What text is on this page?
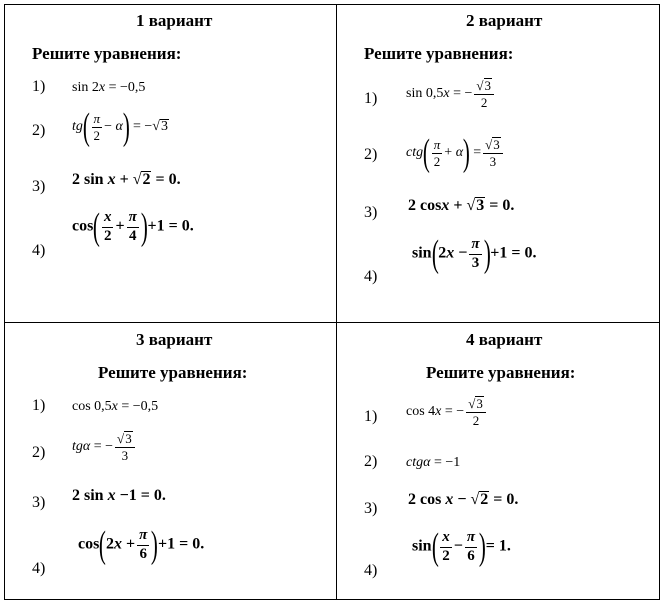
1 вариант
Решите уравнения:
1) sin 2x = −0,5
2) $tg( \frac{\pi}{2} - \alpha) = -√3$
3) 2 sin x + √2 = 0.
4)
$\cos( \frac{x}{2} + \frac{\pi}{4} )+1 = 0$.
2 вариант
Решите уравнения:
1) sin 0,5x = − $\frac{√3}{2}$
2) $ctg( \frac{\pi}{2} + \alpha) = \frac{√3}{3}$
3) 2 cosx + √3 = 0.
4)
$\sin(2x - \frac{\pi}{3} )+1 = 0$.
3 вариант
Решите уравнения:
1) cos 0,5x = −0,5
2) tgα = − $\frac{√3}{3}$
3) 2 sin x −1 = 0.
4)
$\cos(2x + \frac{\pi}{6} )+1 = 0$.
4 вариант
Решите уравнения:
1) cos 4x = − $\frac{√3}{2}$
2) ctgα = −1
3)
2 cos x − √2 = 0.
4)
$\sin( \frac{x}{2} - \frac{\pi}{6}$ )= 1.
